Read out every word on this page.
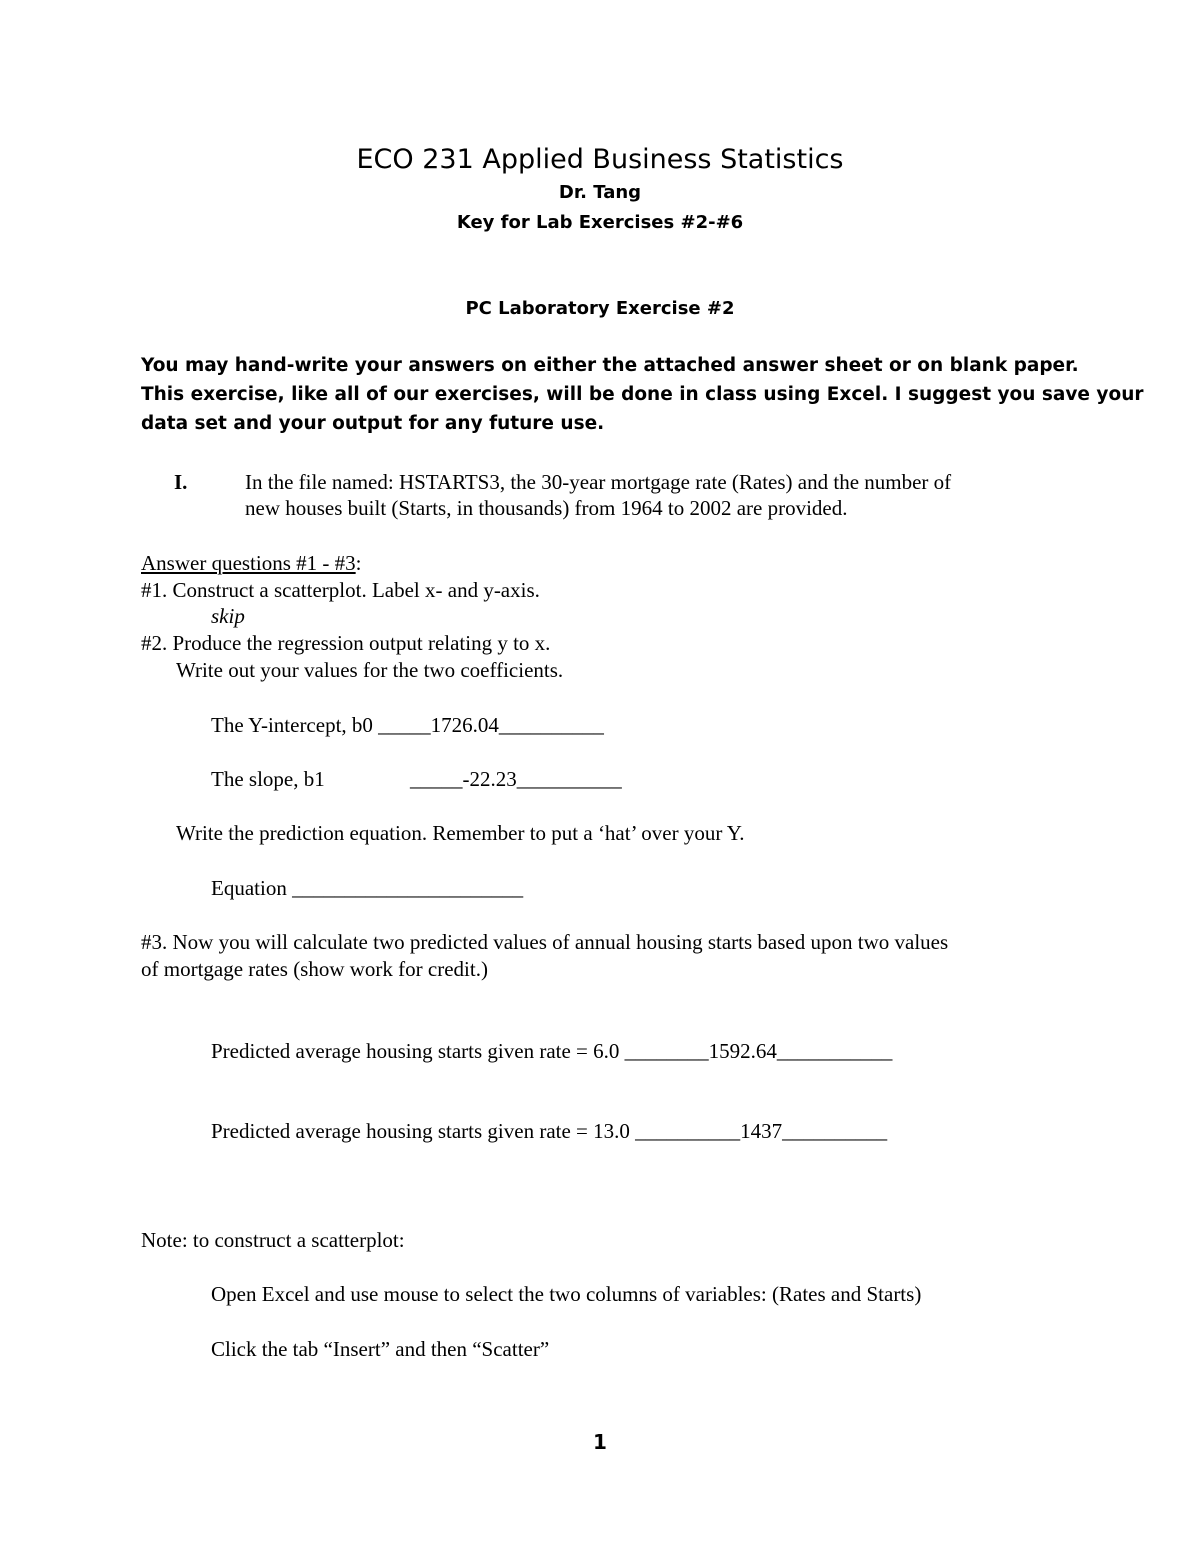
ECO 231 Applied Business Statistics
Dr. Tang
Key for Lab Exercises #2-#6
PC Laboratory Exercise #2
You may hand-write your answers on either the attached answer sheet or on blank paper.
This exercise, like all of our exercises, will be done in class using Excel. I suggest you save your
data set and your output for any future use.
I.	In the file named: HSTARTS3, the 30-year mortgage rate (Rates) and the number of
new houses built (Starts, in thousands) from 1964 to 2002 are provided.
Answer questions #1 - #3:
#1. Construct a scatterplot. Label x- and y-axis.
skip
#2. Produce the regression output relating y to x.
Write out your values for the two coefficients.
The Y-intercept, b0 _____1726.04__________
The slope, b1	_____-22.23__________
Write the prediction equation. Remember to put a ‘hat’ over your Y.
Equation ______________________
#3. Now you will calculate two predicted values of annual housing starts based upon two values
of mortgage rates (show work for credit.)
Predicted average housing starts given rate = 6.0 ________1592.64___________
Predicted average housing starts given rate = 13.0 __________1437__________
Note: to construct a scatterplot:
Open Excel and use mouse to select the two columns of variables: (Rates and Starts)
Click the tab “Insert” and then “Scatter”
1
